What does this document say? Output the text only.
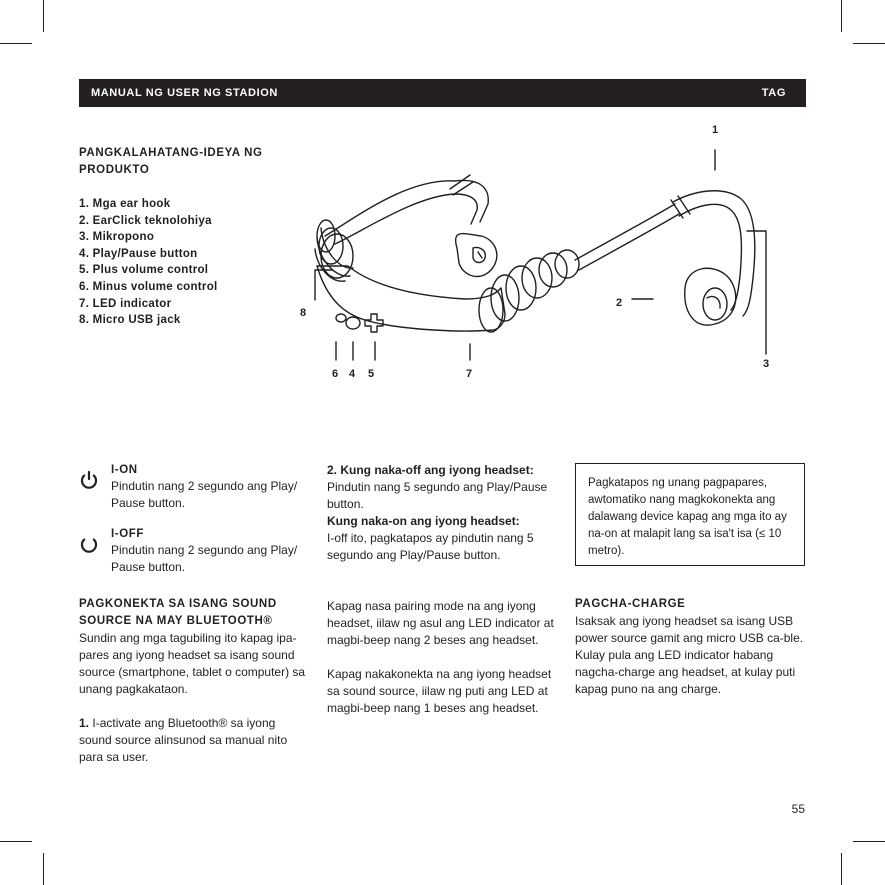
MANUAL NG USER NG STADION	TAG
PANGKALAHATANG-IDEYA NG
PRODUKTO
1. Mga ear hook
2. EarClick teknolohiya
3. Mikropono
4. Play/Pause button
5. Plus volume control
6. Minus volume control
7. LED indicator
8. Micro USB jack
1
2
3
8
6 4 5	7
I-ON
Pindutin nang 2 segundo ang Play/ Pause button.
I-OFF
Pindutin nang 2 segundo ang Play/ Pause button.
PAGKONEKTA SA ISANG SOUND
SOURCE NA MAY BLUETOOTH®
Sundin ang mga tagubiling ito kapag ipa-pares ang iyong headset sa isang sound source (smartphone, tablet o computer) sa unang pagkakataon.
1. I-activate ang Bluetooth® sa iyong sound source alinsunod sa manual nito para sa user.
2. Kung naka-off ang iyong headset:
Pindutin nang 5 segundo ang Play/Pause button.
Kung naka-on ang iyong headset:
I-off ito, pagkatapos ay pindutin nang 5 segundo ang Play/Pause button.
Kapag nasa pairing mode na ang iyong headset, iilaw ng asul ang LED indicator at magbi-beep nang 2 beses ang headset.
Kapag nakakonekta na ang iyong headset sa sound source, iilaw ng puti ang LED at magbi-beep nang 1 beses ang headset.
Pagkatapos ng unang pagpapares, awtomatiko nang magkokonekta ang dalawang device kapag ang mga ito ay na-on at malapit lang sa isa't isa (≤ 10 metro).
PAGCHA-CHARGE
Isaksak ang iyong headset sa isang USB power source gamit ang micro USB ca-ble. Kulay pula ang LED indicator habang nagcha-charge ang headset, at kulay puti kapag puno na ang charge.
55
